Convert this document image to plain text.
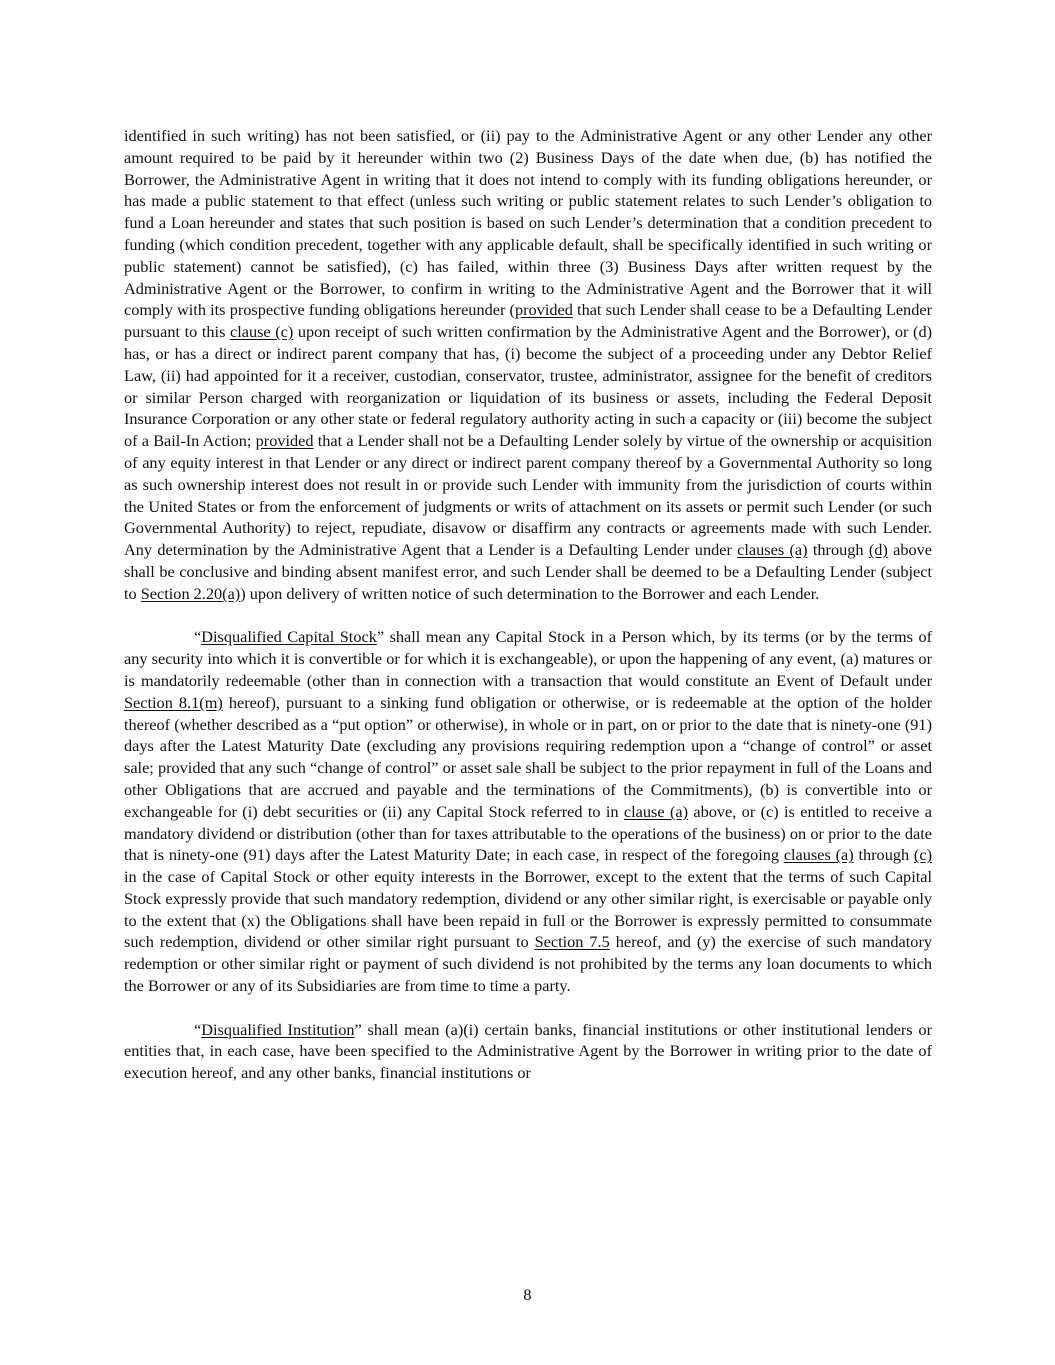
identified in such writing) has not been satisfied, or (ii) pay to the Administrative Agent or any other Lender any other amount required to be paid by it hereunder within two (2) Business Days of the date when due, (b) has notified the Borrower, the Administrative Agent in writing that it does not intend to comply with its funding obligations hereunder, or has made a public statement to that effect (unless such writing or public statement relates to such Lender’s obligation to fund a Loan hereunder and states that such position is based on such Lender’s determination that a condition precedent to funding (which condition precedent, together with any applicable default, shall be specifically identified in such writing or public statement) cannot be satisfied), (c) has failed, within three (3) Business Days after written request by the Administrative Agent or the Borrower, to confirm in writing to the Administrative Agent and the Borrower that it will comply with its prospective funding obligations hereunder (provided that such Lender shall cease to be a Defaulting Lender pursuant to this clause (c) upon receipt of such written confirmation by the Administrative Agent and the Borrower), or (d) has, or has a direct or indirect parent company that has, (i) become the subject of a proceeding under any Debtor Relief Law, (ii) had appointed for it a receiver, custodian, conservator, trustee, administrator, assignee for the benefit of creditors or similar Person charged with reorganization or liquidation of its business or assets, including the Federal Deposit Insurance Corporation or any other state or federal regulatory authority acting in such a capacity or (iii) become the subject of a Bail-In Action; provided that a Lender shall not be a Defaulting Lender solely by virtue of the ownership or acquisition of any equity interest in that Lender or any direct or indirect parent company thereof by a Governmental Authority so long as such ownership interest does not result in or provide such Lender with immunity from the jurisdiction of courts within the United States or from the enforcement of judgments or writs of attachment on its assets or permit such Lender (or such Governmental Authority) to reject, repudiate, disavow or disaffirm any contracts or agreements made with such Lender. Any determination by the Administrative Agent that a Lender is a Defaulting Lender under clauses (a) through (d) above shall be conclusive and binding absent manifest error, and such Lender shall be deemed to be a Defaulting Lender (subject to Section 2.20(a)) upon delivery of written notice of such determination to the Borrower and each Lender.

“Disqualified Capital Stock” shall mean any Capital Stock in a Person which, by its terms (or by the terms of any security into which it is convertible or for which it is exchangeable), or upon the happening of any event, (a) matures or is mandatorily redeemable (other than in connection with a transaction that would constitute an Event of Default under Section 8.1(m) hereof), pursuant to a sinking fund obligation or otherwise, or is redeemable at the option of the holder thereof (whether described as a “put option” or otherwise), in whole or in part, on or prior to the date that is ninety-one (91) days after the Latest Maturity Date (excluding any provisions requiring redemption upon a “change of control” or asset sale; provided that any such “change of control” or asset sale shall be subject to the prior repayment in full of the Loans and other Obligations that are accrued and payable and the terminations of the Commitments), (b) is convertible into or exchangeable for (i) debt securities or (ii) any Capital Stock referred to in clause (a) above, or (c) is entitled to receive a mandatory dividend or distribution (other than for taxes attributable to the operations of the business) on or prior to the date that is ninety-one (91) days after the Latest Maturity Date; in each case, in respect of the foregoing clauses (a) through (c) in the case of Capital Stock or other equity interests in the Borrower, except to the extent that the terms of such Capital Stock expressly provide that such mandatory redemption, dividend or any other similar right, is exercisable or payable only to the extent that (x) the Obligations shall have been repaid in full or the Borrower is expressly permitted to consummate such redemption, dividend or other similar right pursuant to Section 7.5 hereof, and (y) the exercise of such mandatory redemption or other similar right or payment of such dividend is not prohibited by the terms any loan documents to which the Borrower or any of its Subsidiaries are from time to time a party.

“Disqualified Institution” shall mean (a)(i) certain banks, financial institutions or other institutional lenders or entities that, in each case, have been specified to the Administrative Agent by the Borrower in writing prior to the date of execution hereof, and any other banks, financial institutions or

8
